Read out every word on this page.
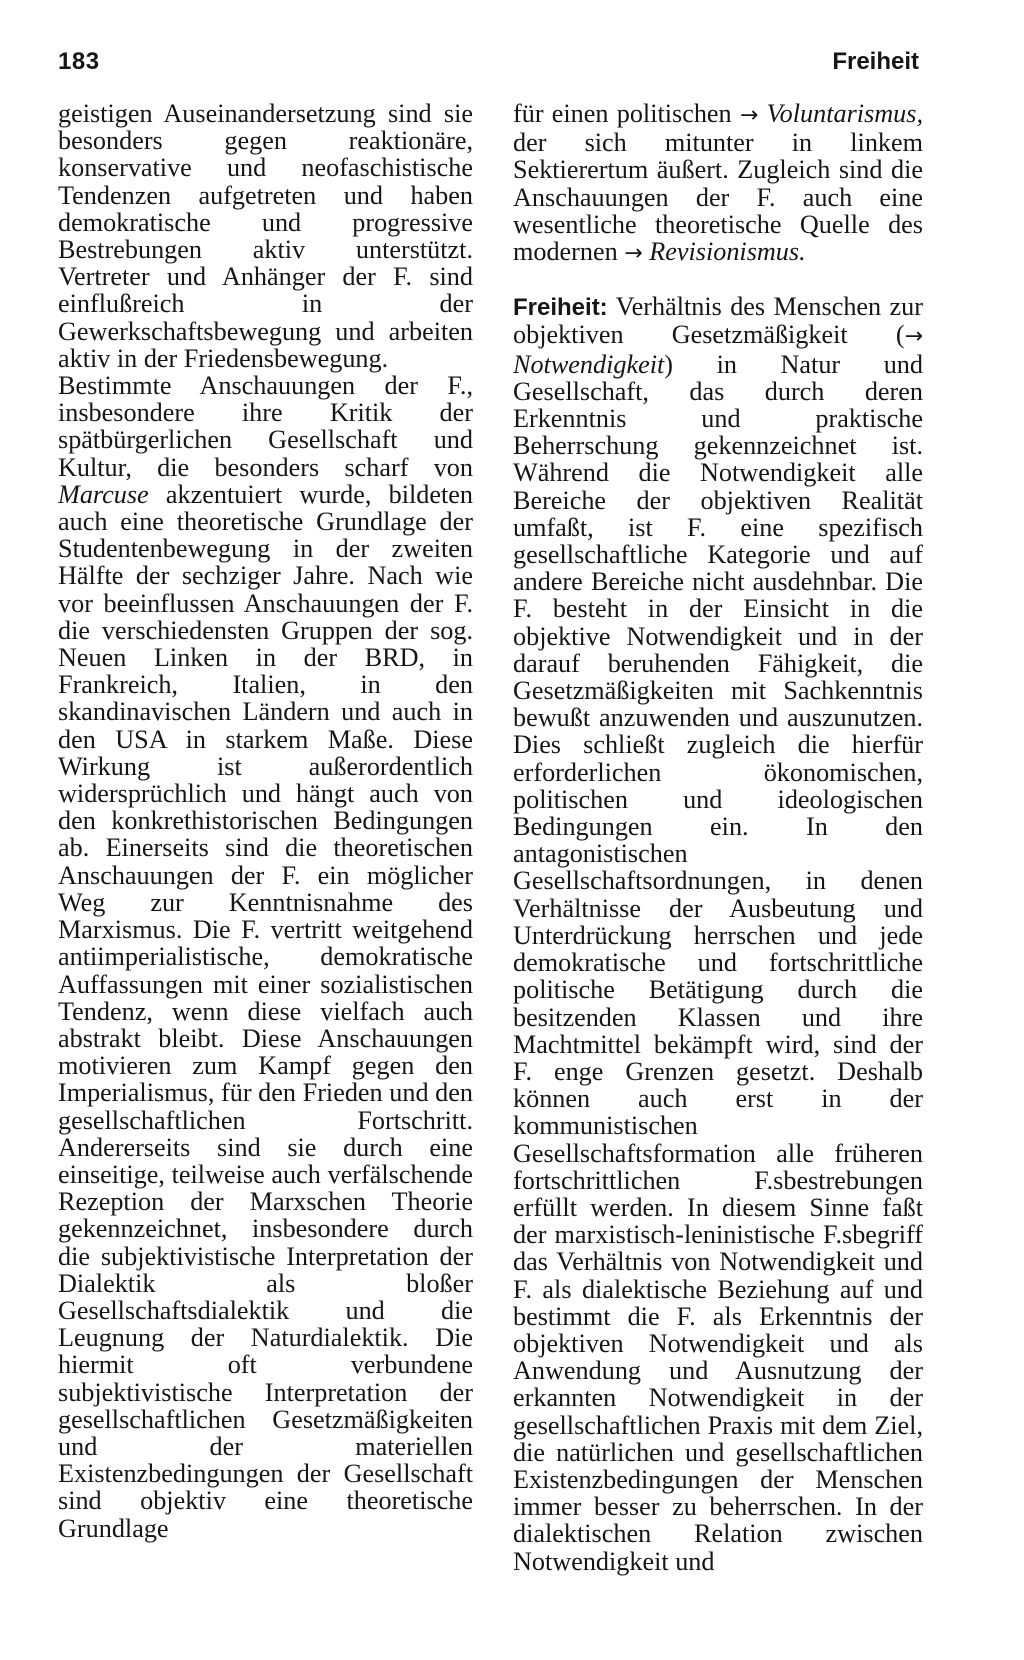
183	Freiheit

geistigen Auseinandersetzung sind sie besonders gegen reaktionäre, konservative und neofaschistische Tendenzen aufgetreten und haben demokratische und progressive Bestrebungen aktiv unterstützt. Vertreter und Anhänger der F. sind einflußreich in der Gewerkschaftsbewegung und arbeiten aktiv in der Friedensbewegung.

Bestimmte Anschauungen der F., insbesondere ihre Kritik der spätbürgerlichen Gesellschaft und Kultur, die besonders scharf von Marcuse akzentuiert wurde, bildeten auch eine theoretische Grundlage der Studentenbewegung in der zweiten Hälfte der sechziger Jahre. Nach wie vor beeinflussen Anschauungen der F. die verschiedensten Gruppen der sog. Neuen Linken in der BRD, in Frankreich, Italien, in den skandinavischen Ländern und auch in den USA in starkem Maße. Diese Wirkung ist außerordentlich widersprüchlich und hängt auch von den konkrethistorischen Bedingungen ab. Einerseits sind die theoretischen Anschauungen der F. ein möglicher Weg zur Kenntnisnahme des Marxismus. Die F. vertritt weitgehend antiimperialistische, demokratische Auffassungen mit einer sozialistischen Tendenz, wenn diese vielfach auch abstrakt bleibt. Diese Anschauungen motivieren zum Kampf gegen den Imperialismus, für den Frieden und den gesellschaftlichen Fortschritt. Andererseits sind sie durch eine einseitige, teilweise auch verfälschende Rezeption der Marxschen Theorie gekennzeichnet, insbesondere durch die subjektivistische Interpretation der Dialektik als bloßer Gesellschaftsdialektik und die Leugnung der Naturdialektik. Die hiermit oft verbundene subjektivistische Interpretation der gesellschaftlichen Gesetzmäßigkeiten und der materiellen Existenzbedingungen der Gesellschaft sind objektiv eine theoretische Grundlage

für einen politischen → Voluntarismus, der sich mitunter in linkem Sektierertum äußert. Zugleich sind die Anschauungen der F. auch eine wesentliche theoretische Quelle des modernen → Revisionismus.

Freiheit: Verhältnis des Menschen zur objektiven Gesetzmäßigkeit (→ Notwendigkeit) in Natur und Gesellschaft, das durch deren Erkenntnis und praktische Beherrschung gekennzeichnet ist. Während die Notwendigkeit alle Bereiche der objektiven Realität umfaßt, ist F. eine spezifisch gesellschaftliche Kategorie und auf andere Bereiche nicht ausdehnbar. Die F. besteht in der Einsicht in die objektive Notwendigkeit und in der darauf beruhenden Fähigkeit, die Gesetzmäßigkeiten mit Sachkenntnis bewußt anzuwenden und auszunutzen. Dies schließt zugleich die hierfür erforderlichen ökonomischen, politischen und ideologischen Bedingungen ein. In den antagonistischen Gesellschaftsordnungen, in denen Verhältnisse der Ausbeutung und Unterdrückung herrschen und jede demokratische und fortschrittliche politische Betätigung durch die besitzenden Klassen und ihre Machtmittel bekämpft wird, sind der F. enge Grenzen gesetzt. Deshalb können auch erst in der kommunistischen Gesellschaftsformation alle früheren fortschrittlichen F.sbestrebungen erfüllt werden. In diesem Sinne faßt der marxistisch-leninistische F.sbegriff das Verhältnis von Notwendigkeit und F. als dialektische Beziehung auf und bestimmt die F. als Erkenntnis der objektiven Notwendigkeit und als Anwendung und Ausnutzung der erkannten Notwendigkeit in der gesellschaftlichen Praxis mit dem Ziel, die natürlichen und gesellschaftlichen Existenzbedingungen der Menschen immer besser zu beherrschen. In der dialektischen Relation zwischen Notwendigkeit und
